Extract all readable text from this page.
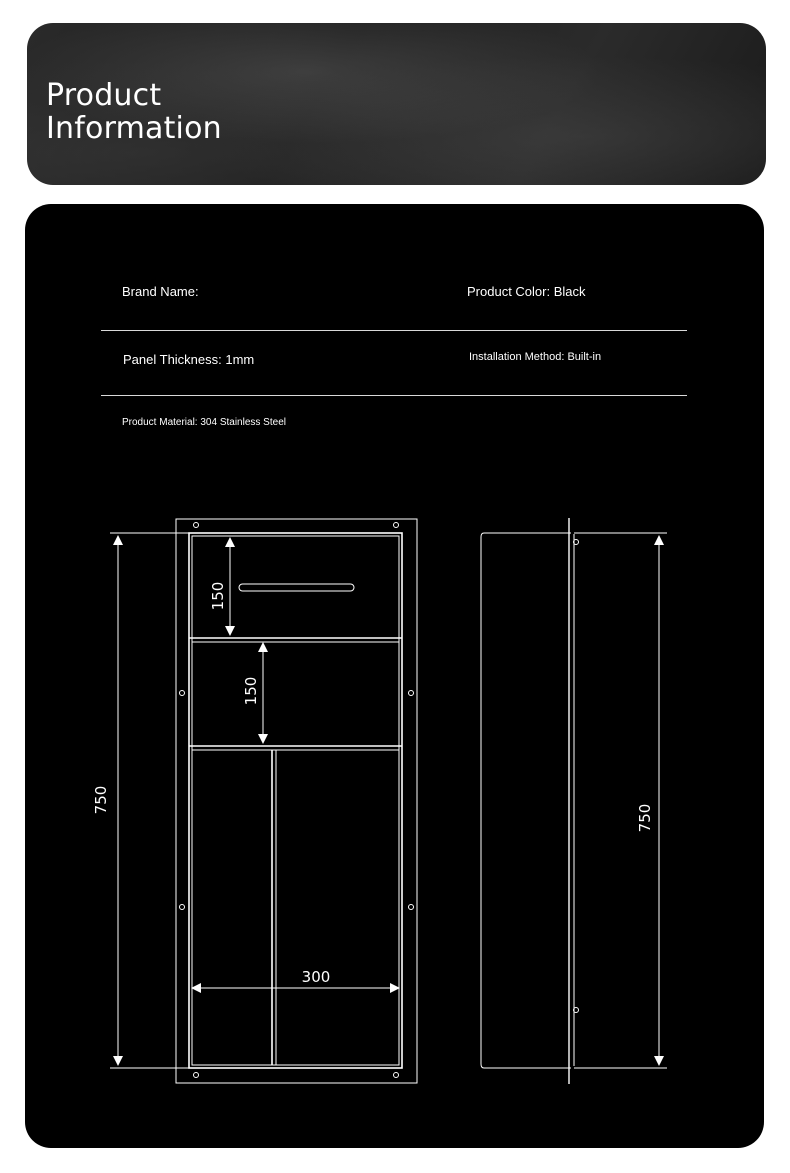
Product
Information
Brand Name:	Product Color: Black
Panel Thickness: 1mm	Installation Method: Built-in
Product Material: 304 Stainless Steel
750
150
150
300
750
